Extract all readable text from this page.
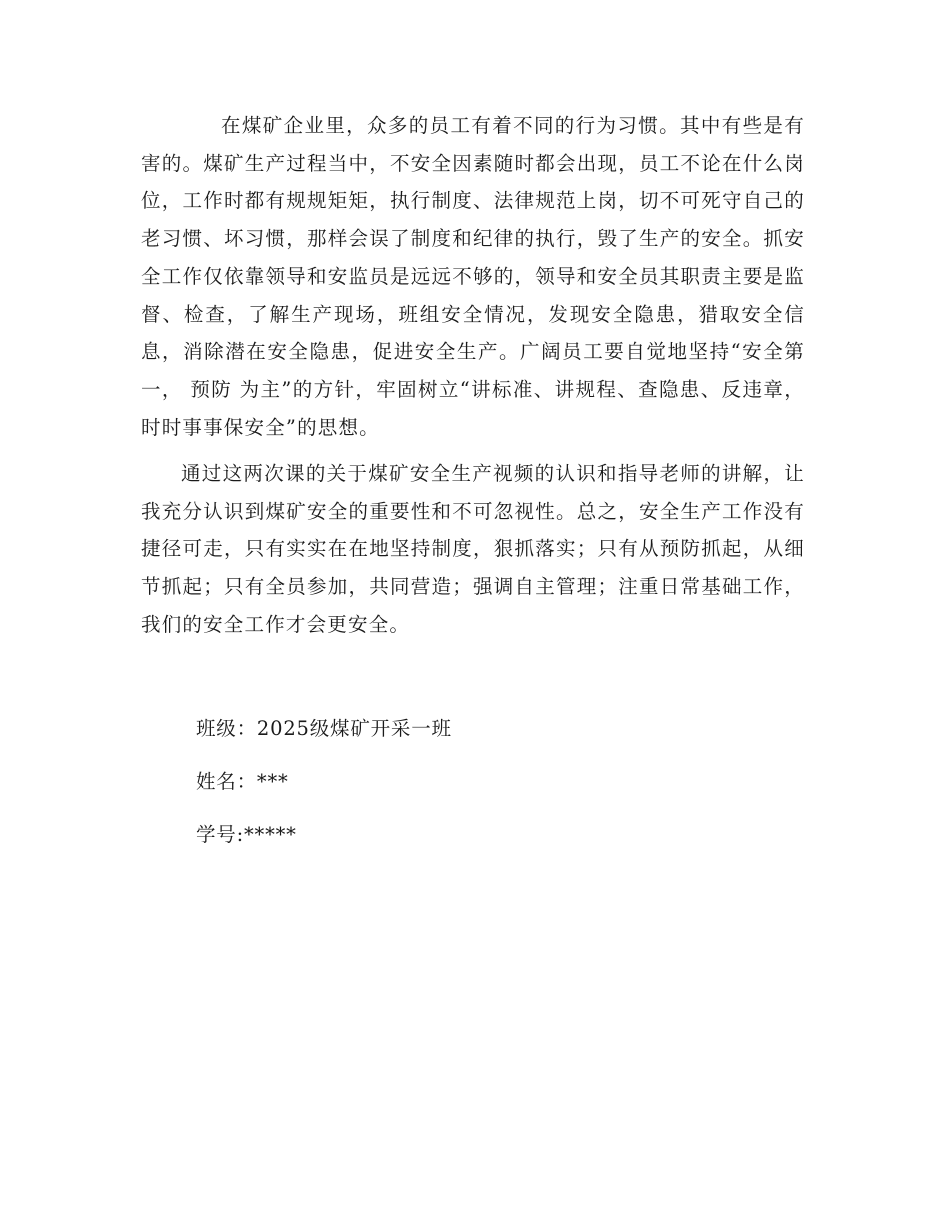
在煤矿企业里，众多的员工有着不同的行为习惯。其中有些是有害的。煤矿生产过程当中，不安全因素随时都会出现，员工不论在什么岗位，工作时都有规规矩矩，执行制度、法律规范上岗，切不可死守自己的老习惯、坏习惯，那样会误了制度和纪律的执行，毁了生产的安全。抓安全工作仅依靠领导和安监员是远远不够的，领导和安全员其职责主要是监督、检查，了解生产现场，班组安全情况，发现安全隐患，猎取安全信息，消除潜在安全隐患，促进安全生产。广阔员工要自觉地坚持“安全第一， 预防 为主”的方针，牢固树立“讲标准、讲规程、查隐患、反违章，时时事事保安全”的思想。

通过这两次课的关于煤矿安全生产视频的认识和指导老师的讲解，让我充分认识到煤矿安全的重要性和不可忽视性。总之，安全生产工作没有捷径可走，只有实实在在地坚持制度，狠抓落实；只有从预防抓起，从细节抓起；只有全员参加，共同营造；强调自主管理；注重日常基础工作，我们的安全工作才会更安全。

班级：2025级煤矿开采一班

姓名：***

学号:*****
